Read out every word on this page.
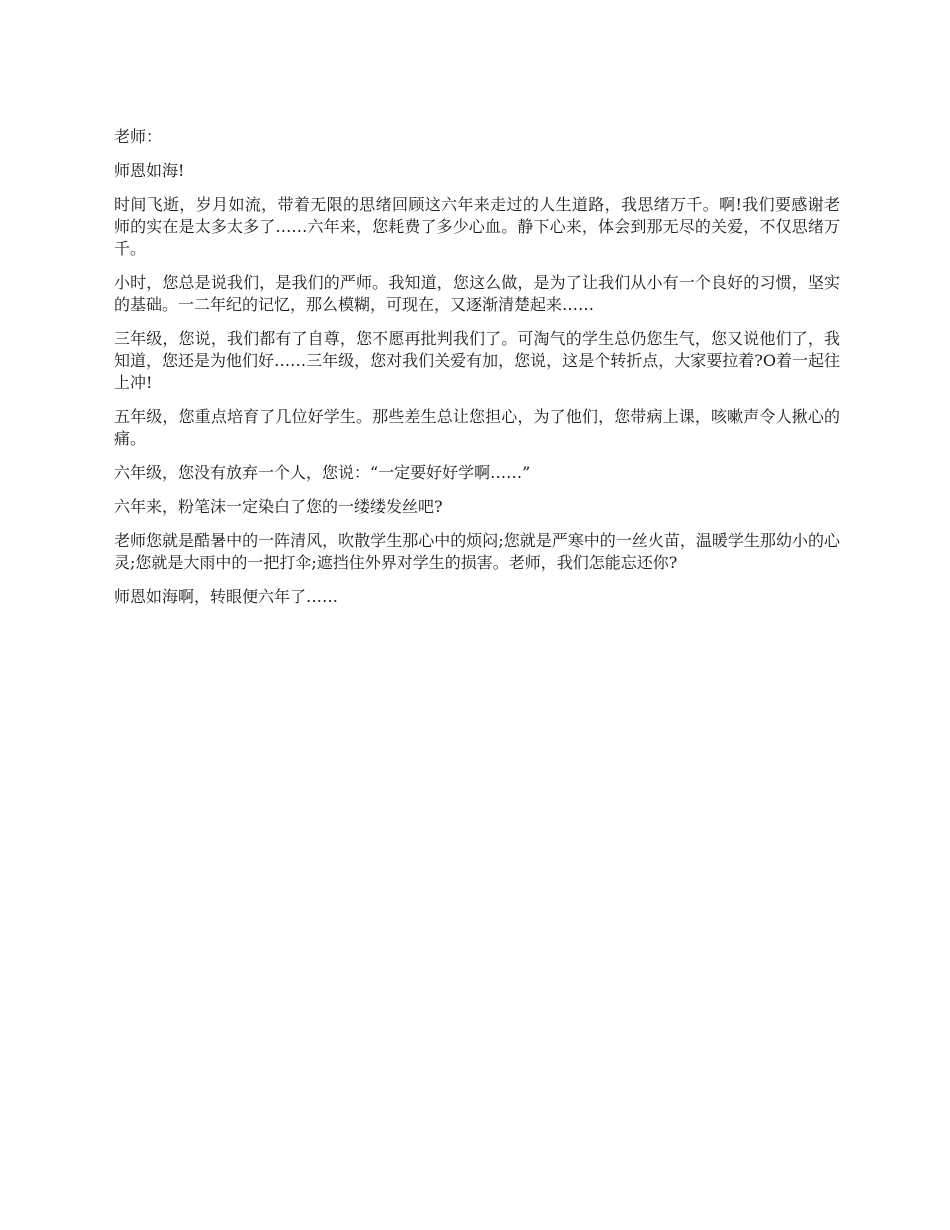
老师：

师恩如海!

时间飞逝，岁月如流，带着无限的思绪回顾这六年来走过的人生道路，我思绪万千。啊!我们要感谢老师的实在是太多太多了……六年来，您耗费了多少心血。静下心来，体会到那无尽的关爱，不仅思绪万千。

小时，您总是说我们，是我们的严师。我知道，您这么做，是为了让我们从小有一个良好的习惯，坚实的基础。一二年纪的记忆，那么模糊，可现在，又逐渐清楚起来……

三年级，您说，我们都有了自尊，您不愿再批判我们了。可淘气的学生总仍您生气，您又说他们了，我知道，您还是为他们好……三年级，您对我们关爱有加，您说，这是个转折点，大家要拉着?O着一起往上冲!

五年级，您重点培育了几位好学生。那些差生总让您担心，为了他们，您带病上课，咳嗽声令人揪心的痛。

六年级，您没有放弃一个人，您说：“一定要好好学啊……”

六年来，粉笔沫一定染白了您的一缕缕发丝吧?

老师您就是酷暑中的一阵清风，吹散学生那心中的烦闷;您就是严寒中的一丝火苗，温暖学生那幼小的心灵;您就是大雨中的一把打伞;遮挡住外界对学生的损害。老师，我们怎能忘还你?

师恩如海啊，转眼便六年了……
